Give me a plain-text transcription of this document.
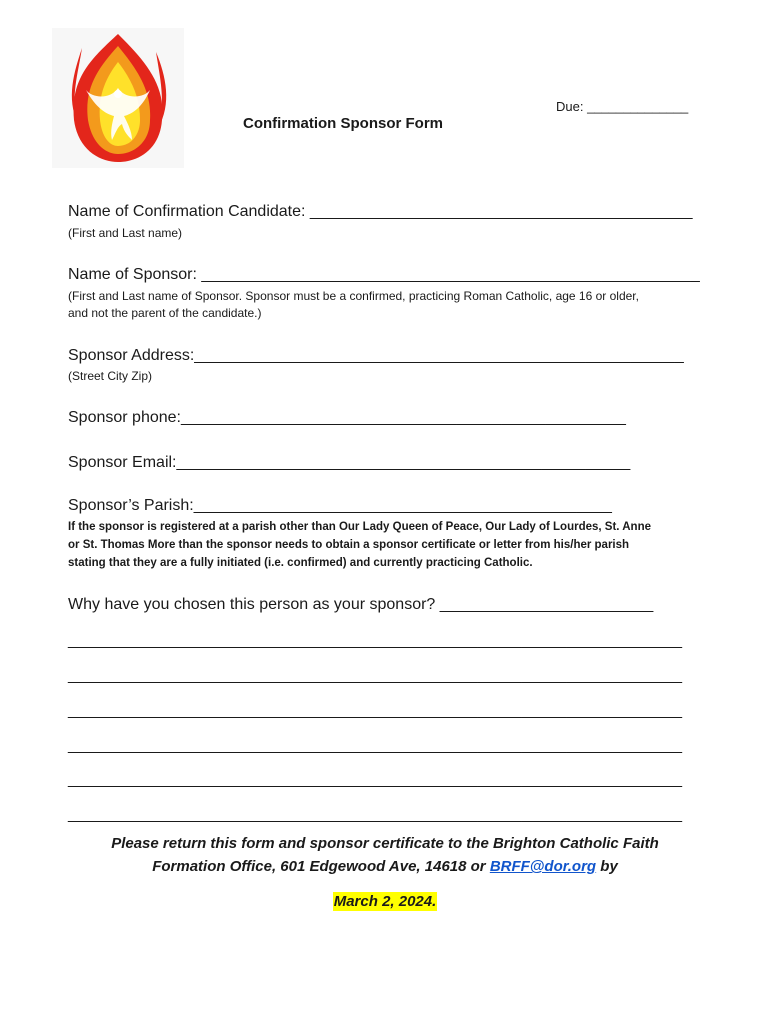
Due: ______________
Confirmation Sponsor Form
Name of Confirmation Candidate: ___________________________________________
(First and Last name)
Name of Sponsor: ________________________________________________________
(First and Last name of Sponsor. Sponsor must be a confirmed, practicing Roman Catholic, age 16 or older,
and not the parent of the candidate.)
Sponsor Address:_______________________________________________________
(Street City Zip)
Sponsor phone:__________________________________________________
Sponsor Email:___________________________________________________
Sponsor’s Parish:_______________________________________________
If the sponsor is registered at a parish other than Our Lady Queen of Peace, Our Lady of Lourdes, St. Anne
or St. Thomas More than the sponsor needs to obtain a sponsor certificate or letter from his/her parish
stating that they are a fully initiated (i.e. confirmed) and currently practicing Catholic.
Why have you chosen this person as your sponsor? ________________________
_____________________________________________________________________
_____________________________________________________________________
_____________________________________________________________________
_____________________________________________________________________
_____________________________________________________________________
_____________________________________________________________________
Please return this form and sponsor certificate to the Brighton Catholic Faith
Formation Office, 601 Edgewood Ave, 14618 or BRFF@dor.org by
March 2, 2024.
